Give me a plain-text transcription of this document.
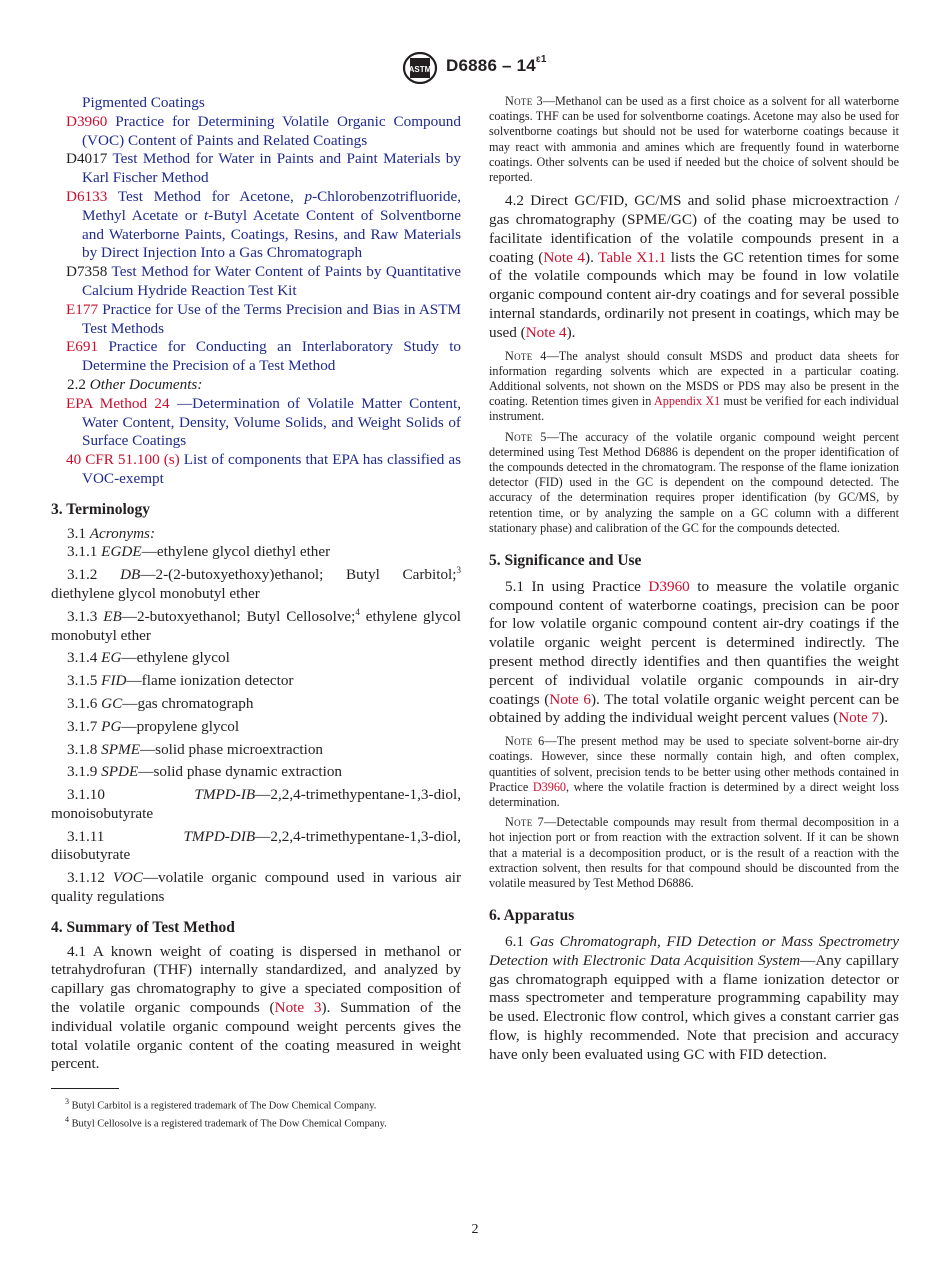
ASTM $D6886 - 14^{\varepsilon 1}$

Pigmented Coatings

D3960 Practice for Determining Volatile Organic Compound (VOC) Content of Paints and Related Coatings

D4017 Test Method for Water in Paints and Paint Materials by Karl Fischer Method

D6133 Test Method for Acetone, p-Chlorobenzotrifluoride, Methyl Acetate or t-Butyl Acetate Content of Solventborne and Waterborne Paints, Coatings, Resins, and Raw Materials by Direct Injection Into a Gas Chromatograph

D7358 Test Method for Water Content of Paints by Quantitative Calcium Hydride Reaction Test Kit

E177 Practice for Use of the Terms Precision and Bias in ASTM Test Methods

E691 Practice for Conducting an Interlaboratory Study to Determine the Precision of a Test Method

2.2 Other Documents:

EPA Method 24 —Determination of Volatile Matter Content, Water Content, Density, Volume Solids, and Weight Solids of Surface Coatings

40 CFR 51.100 (s) List of components that EPA has classified as VOC-exempt

3. Terminology

3.1 Acronyms:

3.1.1 EGDE—ethylene glycol diethyl ether

3.1.2 DB—2-(2-butoxyethoxy)ethanol; Butyl Carbitol;$^3$ diethylene glycol monobutyl ether

3.1.3 EB—2-butoxyethanol; Butyl Cellosolve;$^4$ ethylene glycol monobutyl ether

3.1.4 EG—ethylene glycol

3.1.5 FID—flame ionization detector

3.1.6 GC—gas chromatograph

3.1.7 PG—propylene glycol

3.1.8 SPME—solid phase microextraction

3.1.9 SPDE—solid phase dynamic extraction

3.1.10	TMPD-IB—2,2,4-trimethypentane-1,3-diol, monoisobutyrate

3.1.11	TMPD-DIB—2,2,4-trimethypentane-1,3-diol, diisobutyrate

3.1.12 VOC—volatile organic compound used in various air quality regulations

4. Summary of Test Method

4.1 A known weight of coating is dispersed in methanol or tetrahydrofuran (THF) internally standardized, and analyzed by capillary gas chromatography to give a speciated composition of the volatile organic compounds (Note 3). Summation of the individual volatile organic compound weight percents gives the total volatile organic content of the coating measured in weight percent.

$^3$ Butyl Carbitol is a registered trademark of The Dow Chemical Company.

$^4$ Butyl Cellosolve is a registered trademark of The Dow Chemical Company.

Note 3—Methanol can be used as a first choice as a solvent for all waterborne coatings. THF can be used for solventborne coatings. Acetone may also be used for solventborne coatings but should not be used for waterborne coatings because it may react with ammonia and amines which are frequently found in waterborne coatings. Other solvents can be used if needed but the choice of solvent should be reported.

4.2 Direct GC/FID, GC/MS and solid phase microextraction / gas chromatography (SPME/GC) of the coating may be used to facilitate identification of the volatile compounds present in a coating (Note 4). Table X1.1 lists the GC retention times for some of the volatile compounds which may be found in low volatile organic compound content air-dry coatings and for several possible internal standards, ordinarily not present in coatings, which may be used (Note 4).

Note 4—The analyst should consult MSDS and product data sheets for information regarding solvents which are expected in a particular coating. Additional solvents, not shown on the MSDS or PDS may also be present in the coating. Retention times given in Appendix X1 must be verified for each individual instrument.

Note 5—The accuracy of the volatile organic compound weight percent determined using Test Method D6886 is dependent on the proper identification of the compounds detected in the chromatogram. The response of the flame ionization detector (FID) used in the GC is dependent on the compound detected. The accuracy of the determination requires proper identification (by GC/MS, by retention time, or by analyzing the sample on a GC column with a different stationary phase) and calibration of the GC for the compounds detected.

5. Significance and Use

5.1 In using Practice D3960 to measure the volatile organic compound content of waterborne coatings, precision can be poor for low volatile organic compound content air-dry coatings if the volatile organic weight percent is determined indirectly. The present method directly identifies and then quantifies the weight percent of individual volatile organic compounds in air-dry coatings (Note 6). The total volatile organic weight percent can be obtained by adding the individual weight percent values (Note 7).

Note 6—The present method may be used to speciate solvent-borne air-dry coatings. However, since these normally contain high, and often complex, quantities of solvent, precision tends to be better using other methods contained in Practice D3960, where the volatile fraction is determined by a direct weight loss determination.

Note 7—Detectable compounds may result from thermal decomposition in a hot injection port or from reaction with the extraction solvent. If it can be shown that a material is a decomposition product, or is the result of a reaction with the extraction solvent, then results for that compound should be discounted from the volatile measured by Test Method D6886.

6. Apparatus

6.1 Gas Chromatograph, FID Detection or Mass Spectrometry Detection with Electronic Data Acquisition System—Any capillary gas chromatograph equipped with a flame ionization detector or mass spectrometer and temperature programming capability may be used. Electronic flow control, which gives a constant carrier gas flow, is highly recommended. Note that precision and accuracy have only been evaluated using GC with FID detection.

2
